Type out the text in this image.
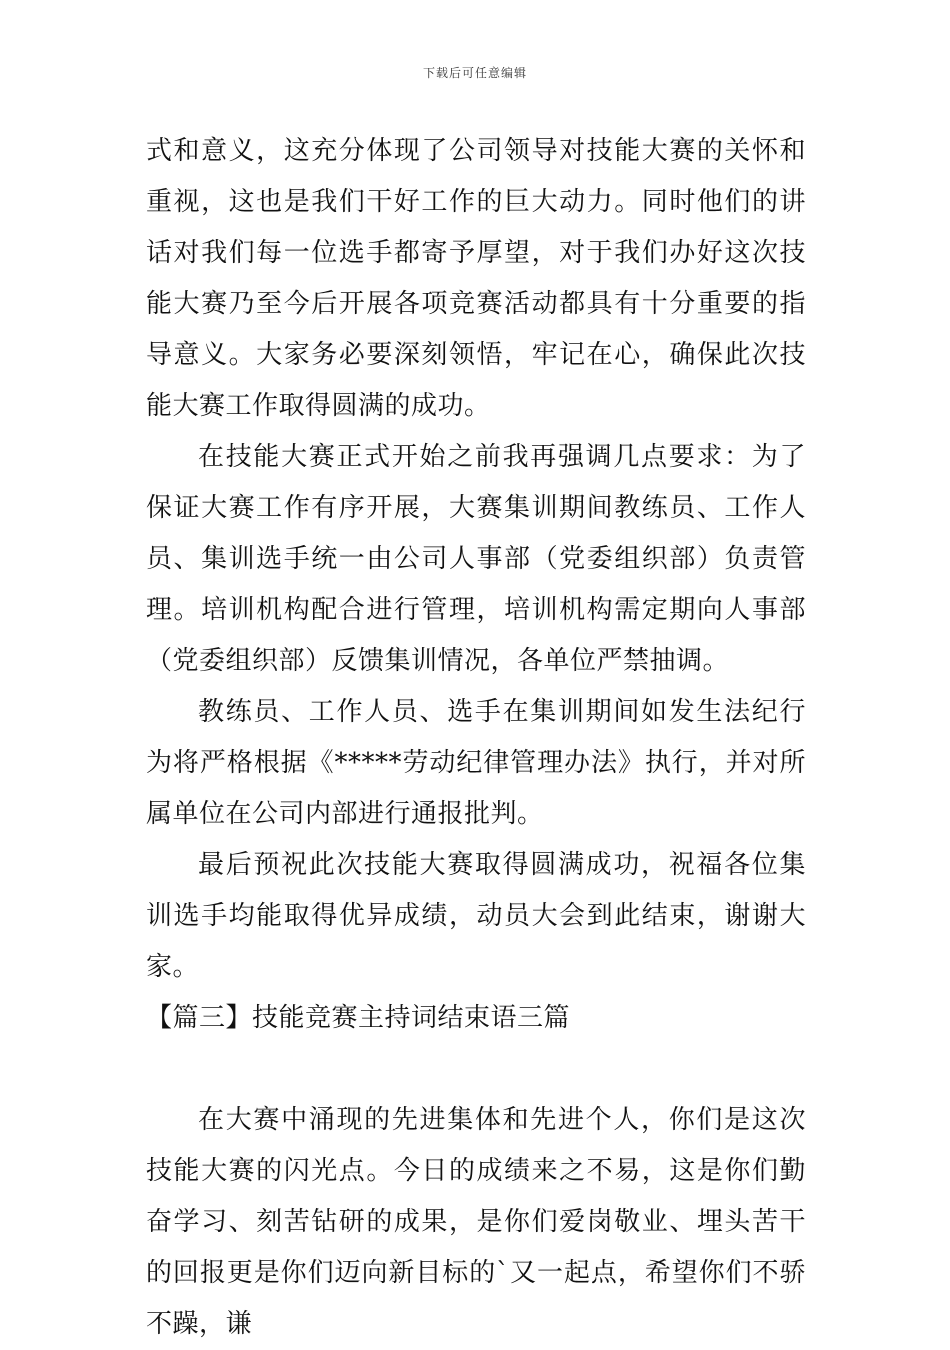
下载后可任意编辑

式和意义，这充分体现了公司领导对技能大赛的关怀和重视，这也是我们干好工作的巨大动力。同时他们的讲话对我们每一位选手都寄予厚望，对于我们办好这次技能大赛乃至今后开展各项竞赛活动都具有十分重要的指导意义。大家务必要深刻领悟，牢记在心，确保此次技能大赛工作取得圆满的成功。

在技能大赛正式开始之前我再强调几点要求：为了保证大赛工作有序开展，大赛集训期间教练员、工作人员、集训选手统一由公司人事部（党委组织部）负责管理。培训机构配合进行管理，培训机构需定期向人事部（党委组织部）反馈集训情况，各单位严禁抽调。

教练员、工作人员、选手在集训期间如发生法纪行为将严格根据《*****劳动纪律管理办法》执行，并对所属单位在公司内部进行通报批判。

最后预祝此次技能大赛取得圆满成功，祝福各位集训选手均能取得优异成绩，动员大会到此结束，谢谢大家。

【篇三】技能竞赛主持词结束语三篇

在大赛中涌现的先进集体和先进个人，你们是这次技能大赛的闪光点。今日的成绩来之不易，这是你们勤奋学习、刻苦钻研的成果，是你们爱岗敬业、埋头苦干的回报更是你们迈向新目标的`又一起点，希望你们不骄不躁，谦
